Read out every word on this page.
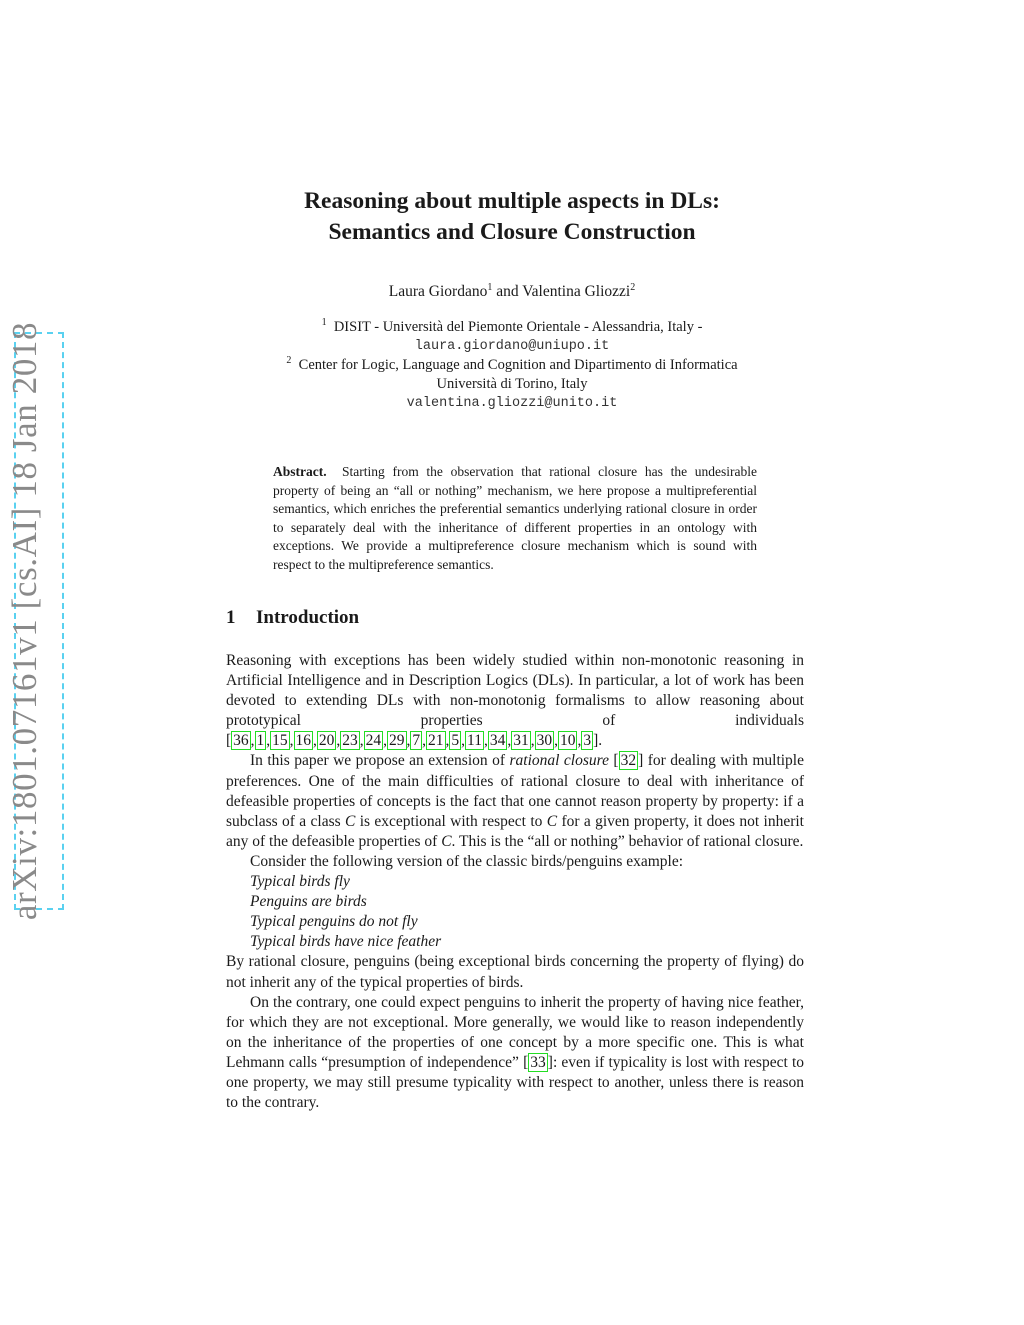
arXiv:1801.07161v1 [cs.AI] 18 Jan 2018
Reasoning about multiple aspects in DLs:
Semantics and Closure Construction
Laura Giordano$^1$ and Valentina Gliozzi$^2$
$^1$ DISIT - Università del Piemonte Orientale - Alessandria, Italy -
laura.giordano@uniupo.it
$^2$ Center for Logic, Language and Cognition and Dipartimento di Informatica
Università di Torino, Italy
valentina.gliozzi@unito.it
Abstract. Starting from the observation that rational closure has the undesirable property of being an “all or nothing” mechanism, we here propose a multipreferential semantics, which enriches the preferential semantics underlying rational closure in order to separately deal with the inheritance of different properties in an ontology with exceptions. We provide a multipreference closure mechanism which is sound with respect to the multipreference semantics.
1 Introduction

Reasoning with exceptions has been widely studied within non-monotonic reasoning in Artificial Intelligence and in Description Logics (DLs). In particular, a lot of work has been devoted to extending DLs with non-monotonig formalisms to allow reasoning about prototypical properties of individuals [ 36 , 1 , 15 , 16 , 20 , 23 , 24 , 29 , 7 , 21 , 5 , 11 , 34 , 31 , 30 , 10 , 3 ].

In this paper we propose an extension of rational closure [ 32 ] for dealing with multiple preferences. One of the main difficulties of rational closure to deal with inheritance of defeasible properties of concepts is the fact that one cannot reason property by property: if a subclass of a class C is exceptional with respect to C for a given property, it does not inherit any of the defeasible properties of C. This is the “all or nothing” behavior of rational closure.

Consider the following version of the classic birds/penguins example:

Typical birds fly

Penguins are birds

Typical penguins do not fly

Typical birds have nice feather

By rational closure, penguins (being exceptional birds concerning the property of flying) do not inherit any of the typical properties of birds.

On the contrary, one could expect penguins to inherit the property of having nice feather, for which they are not exceptional. More generally, we would like to reason independently on the inheritance of the properties of one concept by a more specific one. This is what Lehmann calls “presumption of independence” [ 33 ]: even if typicality is lost with respect to one property, we may still presume typicality with respect to another, unless there is reason to the contrary.
